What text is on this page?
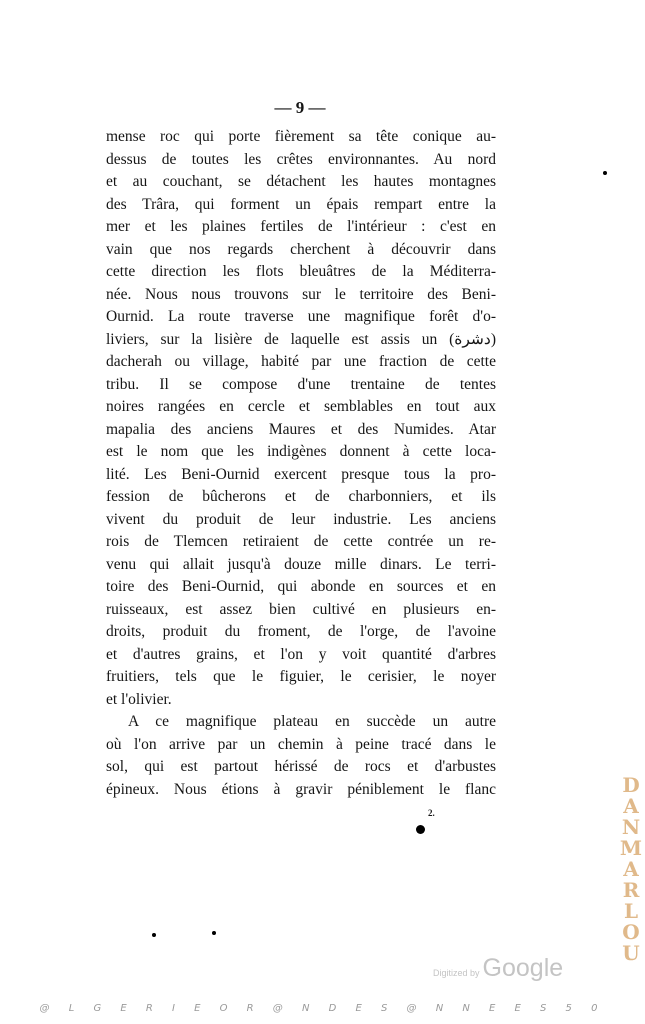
— 9 —
mense roc qui porte fièrement sa tête conique au-
dessus de toutes les crêtes environnantes. Au nord
et au couchant, se détachent les hautes montagnes
des Trâra, qui forment un épais rempart entre la
mer et les plaines fertiles de l'intérieur : c'est en
vain que nos regards cherchent à découvrir dans
cette direction les flots bleuâtres de la Méditerra-
née. Nous nous trouvons sur le territoire des Beni-
Ournid. La route traverse une magnifique forêt d'o-
liviers, sur la lisière de laquelle est assis un (دشرة)
dacherah ou village, habité par une fraction de cette
tribu. Il se compose d'une trentaine de tentes
noires rangées en cercle et semblables en tout aux
mapalia des anciens Maures et des Numides. Atar
est le nom que les indigènes donnent à cette loca-
lité. Les Beni-Ournid exercent presque tous la pro-
fession de bûcherons et de charbonniers, et ils
vivent du produit de leur industrie. Les anciens
rois de Tlemcen retiraient de cette contrée un re-
venu qui allait jusqu'à douze mille dinars. Le terri-
toire des Beni-Ournid, qui abonde en sources et en
ruisseaux, est assez bien cultivé en plusieurs en-
droits, produit du froment, de l'orge, de l'avoine
et d'autres grains, et l'on y voit quantité d'arbres
fruitiers, tels que le figuier, le cerisier, le noyer
et l'olivier.
A ce magnifique plateau en succède un autre
où l'on arrive par un chemin à peine tracé dans le
sol, qui est partout hérissé de rocs et d'arbustes
épineux. Nous étions à gravir péniblement le flanc
2.
Digitized by Google
D
A
N
M
A
R
L
O
U
@ L G E R I E O R @ N D E S @ N N E E S 5 0
